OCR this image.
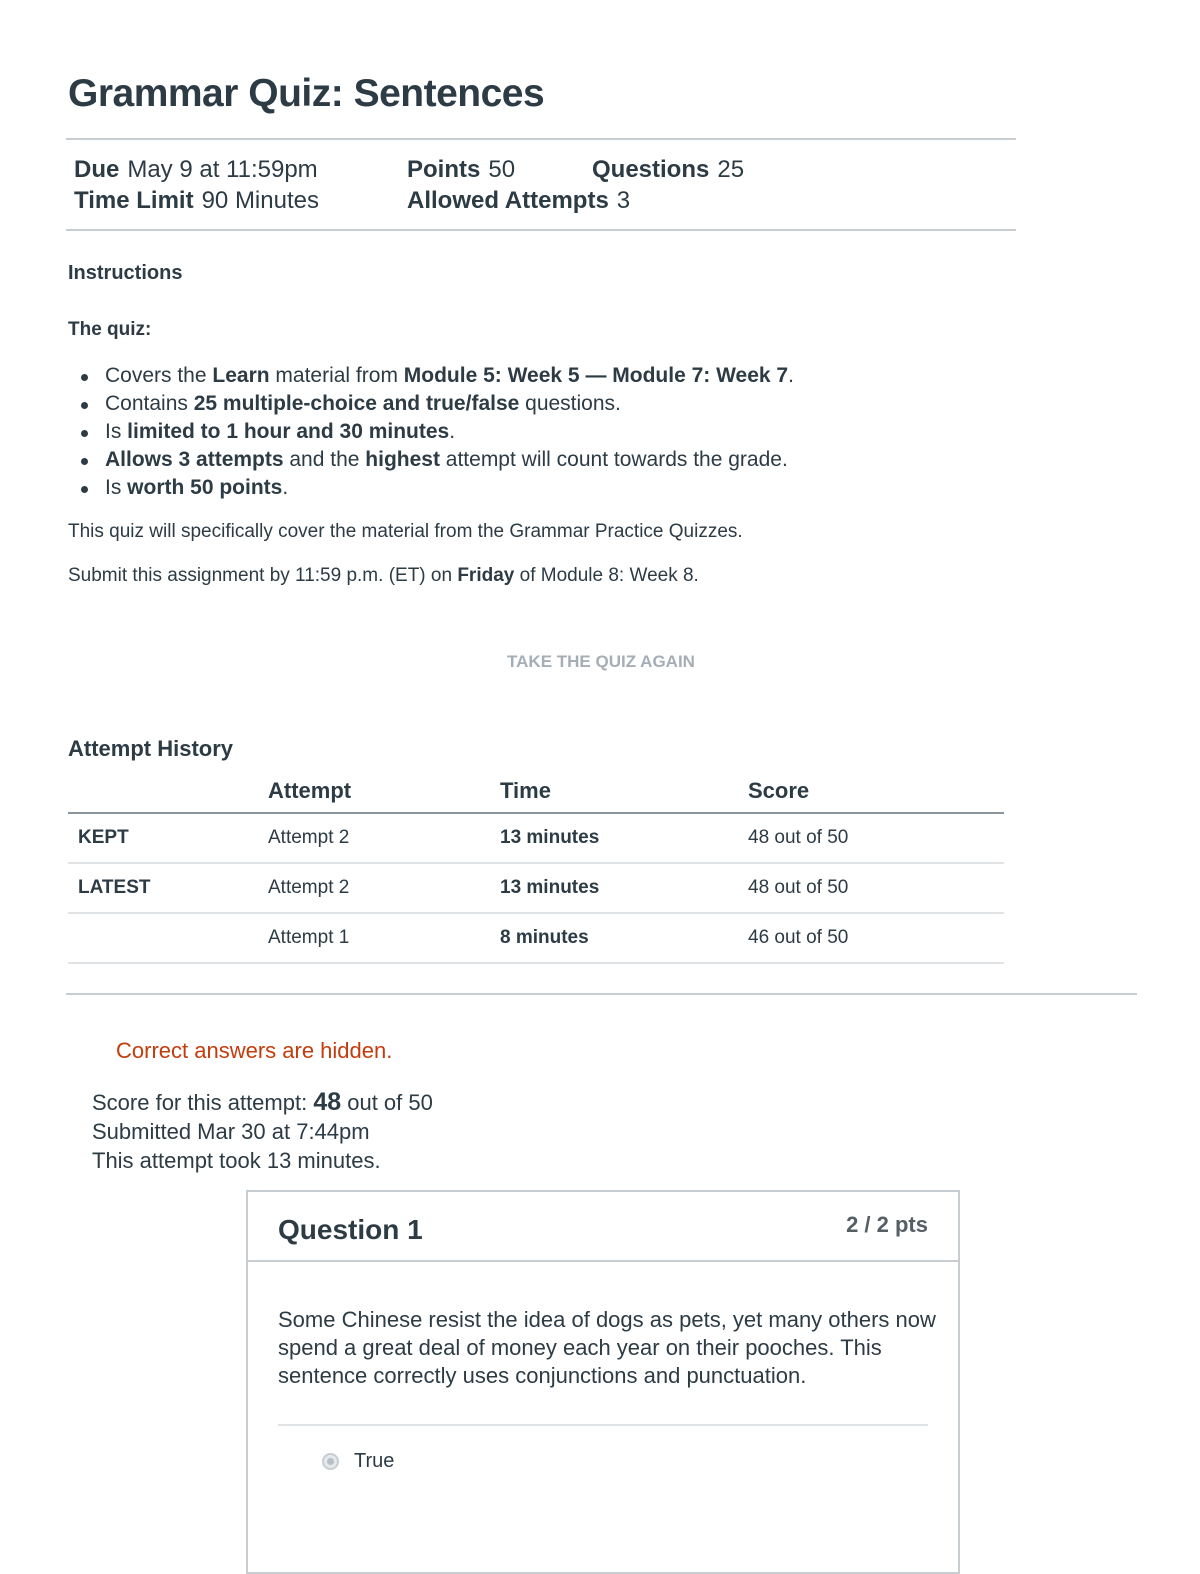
Grammar Quiz: Sentences
Due May 9 at 11:59pm	Points 50	Questions 25
Time Limit 90 Minutes	Allowed Attempts 3
Instructions

The quiz:

Covers the Learn material from Module 5: Week 5 — Module 7: Week 7.
Contains 25 multiple-choice and true/false questions.
Is limited to 1 hour and 30 minutes.
Allows 3 attempts and the highest attempt will count towards the grade.
Is worth 50 points.

This quiz will specifically cover the material from the Grammar Practice Quizzes.

Submit this assignment by 11:59 p.m. (ET) on Friday of Module 8: Week 8.

TAKE THE QUIZ AGAIN
Attempt History
	Attempt	Time	Score
KEPT	Attempt 2	13 minutes	48 out of 50
LATEST	Attempt 2	13 minutes	48 out of 50
	Attempt 1	8 minutes	46 out of 50
Correct answers are hidden.
Score for this attempt: 48 out of 50
Submitted Mar 30 at 7:44pm
This attempt took 13 minutes.
Question 1	2 / 2 pts

Some Chinese resist the idea of dogs as pets, yet many others now spend a great deal of money each year on their pooches. This sentence correctly uses conjunctions and punctuation.

True
